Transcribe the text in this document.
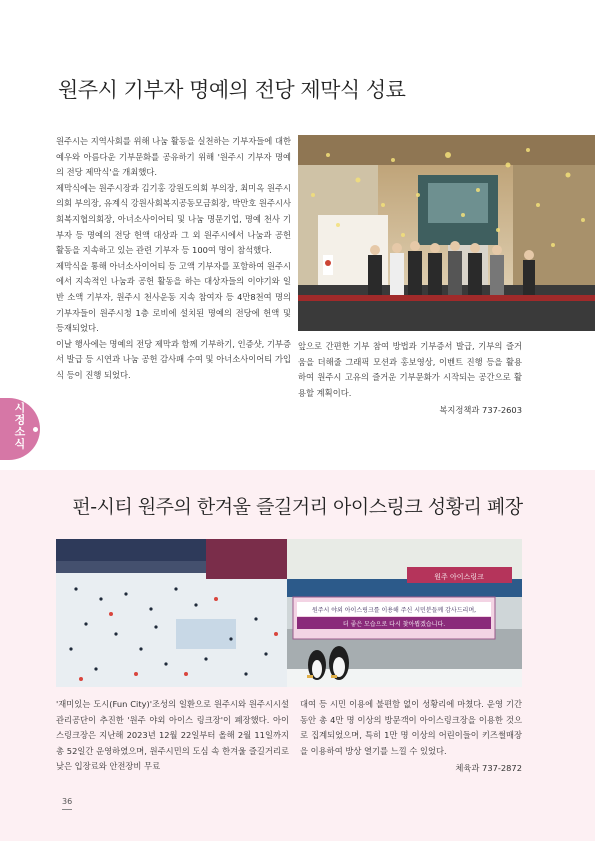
시정소식
원주시 기부자 명예의 전당 제막식 성료

원주시는 지역사회를 위해 나눔 활동을 실천하는 기부자들에 대한 예우와 아름다운 기부문화를 공유하기 위해 '원주시 기부자 명예의 전당 제막식'을 개최했다.

제막식에는 원주시장과 김기홍 강원도의회 부의장, 최미옥 원주시의회 부의장, 유계식 강원사회복지공동모금회장, 박만호 원주시사회복지협의회장, 아너소사이어티 및 나눔 명문기업, 명예 천사 기부자 등 명예의 전당 헌액 대상과 그 외 원주시에서 나눔과 공헌 활동을 지속하고 있는 관련 기부자 등 100여 명이 참석했다.

제막식을 통해 아너소사이어티 등 고액 기부자를 포함하여 원주시에서 지속적인 나눔과 공헌 활동을 하는 대상자들의 이야기와 일반 소액 기부자, 원주시 천사운동 지속 참여자 등 4만8천여 명의 기부자들이 원주시청 1층 로비에 설치된 명예의 전당에 헌액 및 등재되었다.

이날 행사에는 명예의 전당 제막과 함께 기부하기, 인증샷, 기부증서 발급 등 시연과 나눔 공헌 감사패 수여 및 아너소사이어티 가입식 등이 진행 되었다.

앞으로 간편한 기부 참여 방법과 기부증서 발급, 기부의 즐거움을 더해줄 그래픽 모션과 홍보영상, 이벤트 진행 등을 활용하여 원주시 고유의 즐거운 기부문화가 시작되는 공간으로 활용할 계획이다.

복지정책과 737-2603
펀-시티 원주의 한겨울 즐길거리 아이스링크 성황리 폐장
원주 아이스링크
원주시 야외 아이스링크를 이용해 주신 시민분들께 감사드리며,
더 좋은 모습으로 다시 찾아뵙겠습니다.

'재미있는 도시(Fun City)'조성의 일환으로 원주시와 원주시시설관리공단이 추진한 '원주 야외 아이스 링크장'이 폐장했다. 아이스링크장은 지난해 2023년 12월 22일부터 올해 2월 11일까지 총 52일간 운영하였으며, 원주시민의 도심 속 한겨울 즐길거리로 낮은 입장료와 안전장비 무료

대여 등 시민 이용에 불편함 없이 성황리에 마쳤다. 운영 기간동안 총 4만 명 이상의 방문객이 아이스링크장을 이용한 것으로 집계되었으며, 특히 1만 명 이상의 어린이들이 키즈썰매장을 이용하여 방상 열기를 느낄 수 있었다.

체육과 737-2872
36
